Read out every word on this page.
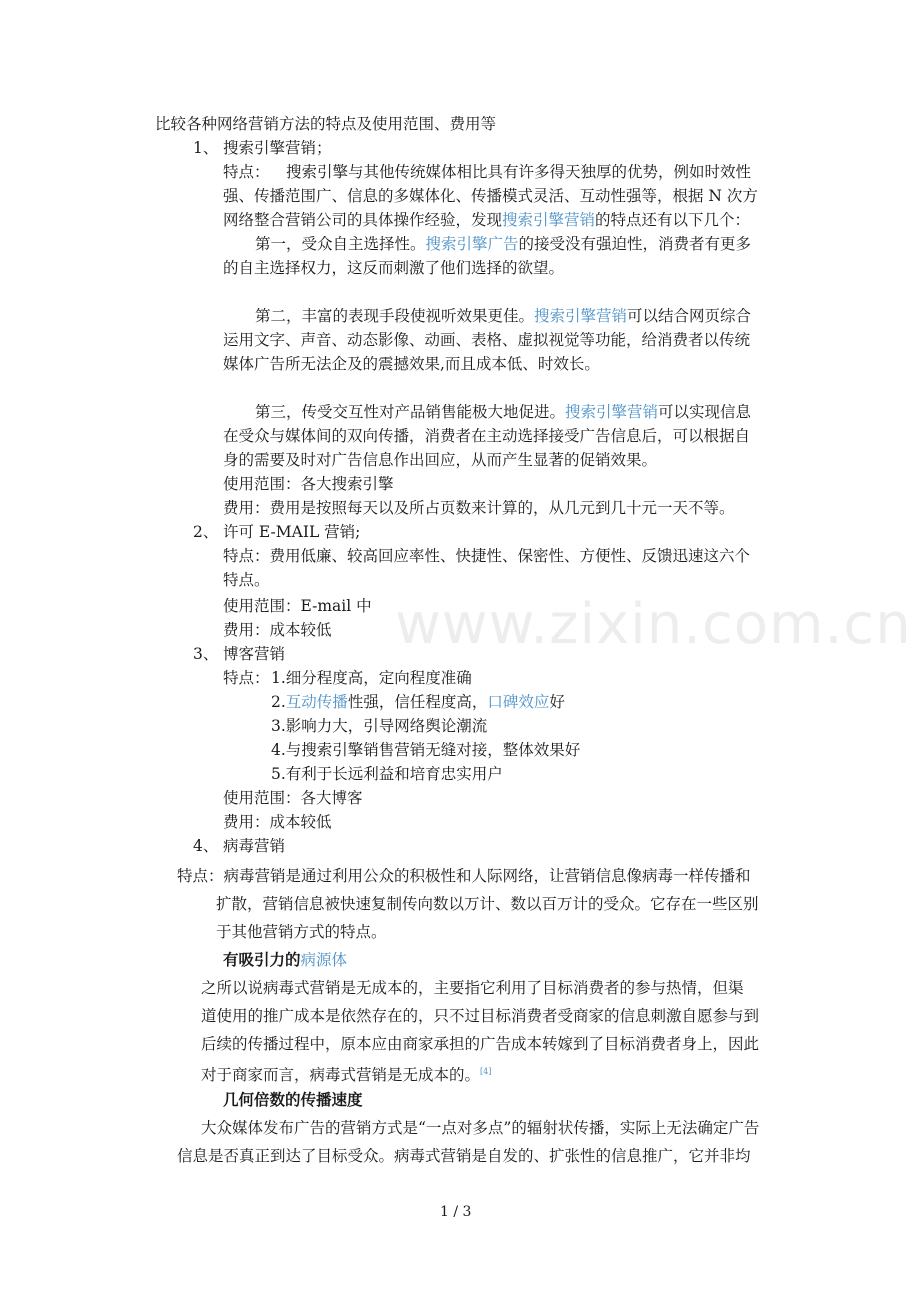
www.zixin.com.cn
比较各种网络营销方法的特点及使用范围、费用等
1、 搜索引擎营销；
特点： 搜索引擎与其他传统媒体相比具有许多得天独厚的优势，例如时效性
强、传播范围广、信息的多媒体化、传播模式灵活、互动性强等，根据 N 次方
网络整合营销公司的具体操作经验，发现搜索引擎营销的特点还有以下几个：
第一，受众自主选择性。搜索引擎广告的接受没有强迫性，消费者有更多
的自主选择权力，这反而刺激了他们选择的欲望。
第二，丰富的表现手段使视听效果更佳。搜索引擎营销可以结合网页综合
运用文字、声音、动态影像、动画、表格、虚拟视觉等功能，给消费者以传统
媒体广告所无法企及的震撼效果,而且成本低、时效长。
第三，传受交互性对产品销售能极大地促进。搜索引擎营销可以实现信息
在受众与媒体间的双向传播，消费者在主动选择接受广告信息后，可以根据自
身的需要及时对广告信息作出回应，从而产生显著的促销效果。
使用范围：各大搜索引擎
费用：费用是按照每天以及所占页数来计算的，从几元到几十元一天不等。
2、 许可 E-MAIL 营销;
特点：费用低廉、较高回应率性、快捷性、保密性、方便性、反馈迅速这六个
特点。
使用范围：E-mail 中
费用：成本较低
3、 博客营销
特点： 1.细分程度高，定向程度准确
2.互动传播性强，信任程度高，口碑效应好
3.影响力大，引导网络舆论潮流
4.与搜索引擎销售营销无缝对接，整体效果好
5.有利于长远利益和培育忠实用户
使用范围：各大博客
费用：成本较低
4、 病毒营销
特点：病毒营销是通过利用公众的积极性和人际网络，让营销信息像病毒一样传播和
扩散，营销信息被快速复制传向数以万计、数以百万计的受众。它存在一些区别
于其他营销方式的特点。
有吸引力的病源体
之所以说病毒式营销是无成本的，主要指它利用了目标消费者的参与热情，但渠
道使用的推广成本是依然存在的，只不过目标消费者受商家的信息刺激自愿参与到
后续的传播过程中，原本应由商家承担的广告成本转嫁到了目标消费者身上，因此
对于商家而言，病毒式营销是无成本的。[4]
几何倍数的传播速度
大众媒体发布广告的营销方式是“一点对多点”的辐射状传播，实际上无法确定广告
信息是否真正到达了目标受众。病毒式营销是自发的、扩张性的信息推广，它并非均
1 / 3
